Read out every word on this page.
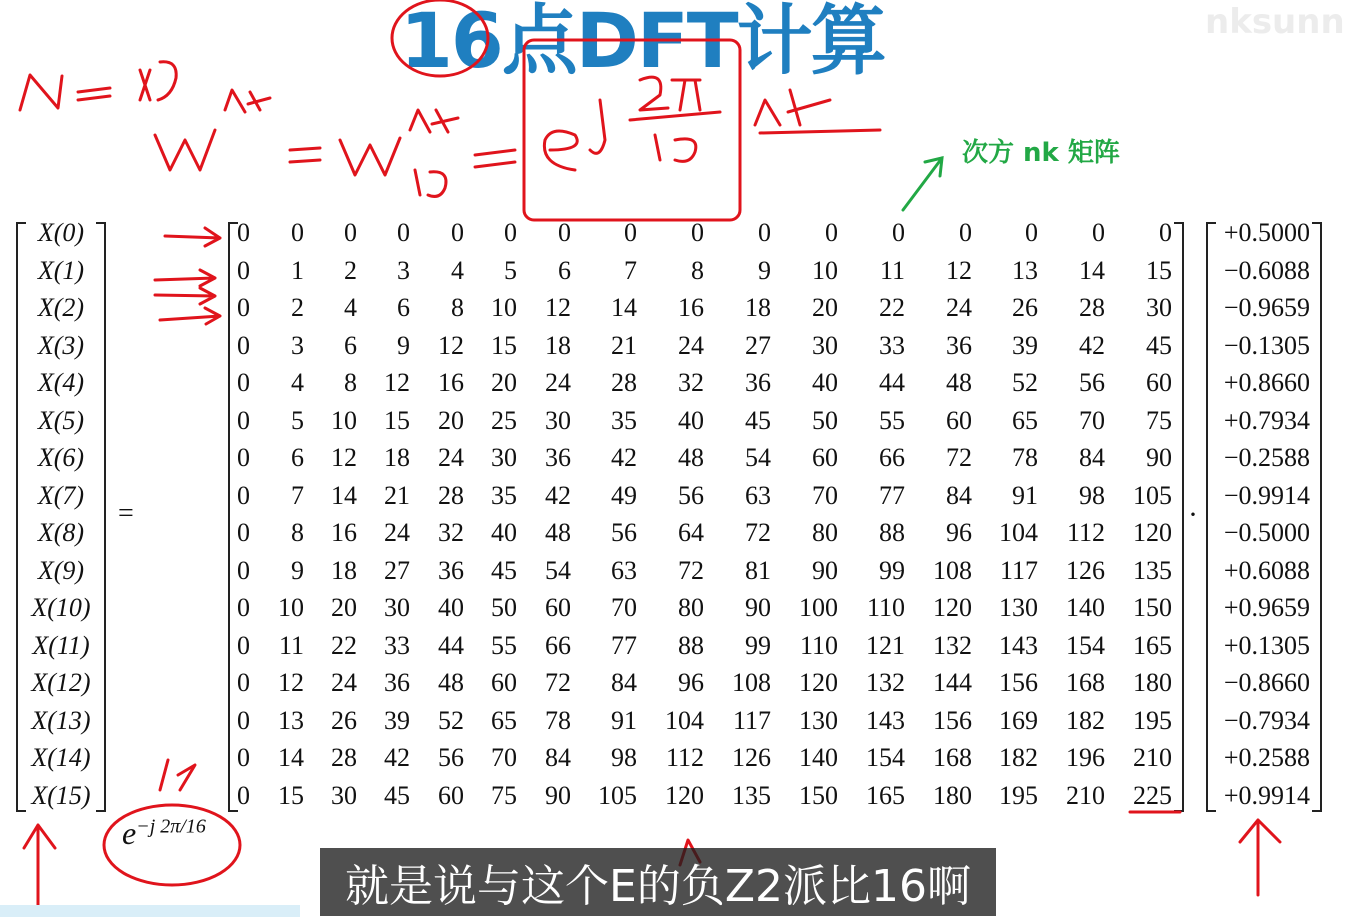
16点DFT计算	nksunn
次方 nk 矩阵
X(0)
X(1)
X(2)
X(3)
X(4)
X(5)
X(6)
X(7)
X(8)
X(9)
X(10)
X(11)
X(12)
X(13)
X(14)
X(15)
=
0	0	0	0	0	0	0	0	0	0	0	0	0	0	0	0
0	1	2	3	4	5	6	7	8	9	10	11	12	13	14	15
0	2	4	6	8	10	12	14	16	18	20	22	24	26	28	30
0	3	6	9	12	15	18	21	24	27	30	33	36	39	42	45
0	4	8	12	16	20	24	28	32	36	40	44	48	52	56	60
0	5	10	15	20	25	30	35	40	45	50	55	60	65	70	75
0	6	12	18	24	30	36	42	48	54	60	66	72	78	84	90
0	7	14	21	28	35	42	49	56	63	70	77	84	91	98	105
0	8	16	24	32	40	48	56	64	72	80	88	96	104	112	120
0	9	18	27	36	45	54	63	72	81	90	99	108	117	126	135
0	10	20	30	40	50	60	70	80	90	100	110	120	130	140	150
0	11	22	33	44	55	66	77	88	99	110	121	132	143	154	165
0	12	24	36	48	60	72	84	96	108	120	132	144	156	168	180
0	13	26	39	52	65	78	91	104	117	130	143	156	169	182	195
0	14	28	42	56	70	84	98	112	126	140	154	168	182	196	210
0	15	30	45	60	75	90	105	120	135	150	165	180	195	210	225
·
+0.5000
−0.6088
−0.9659
−0.1305
+0.8660
+0.7934
−0.2588
−0.9914
−0.5000
+0.6088
+0.9659
+0.1305
−0.8660
−0.7934
+0.2588
+0.9914
$e^{-j 2\pi/16}$
就是说与这个E的负Z2派比16啊
